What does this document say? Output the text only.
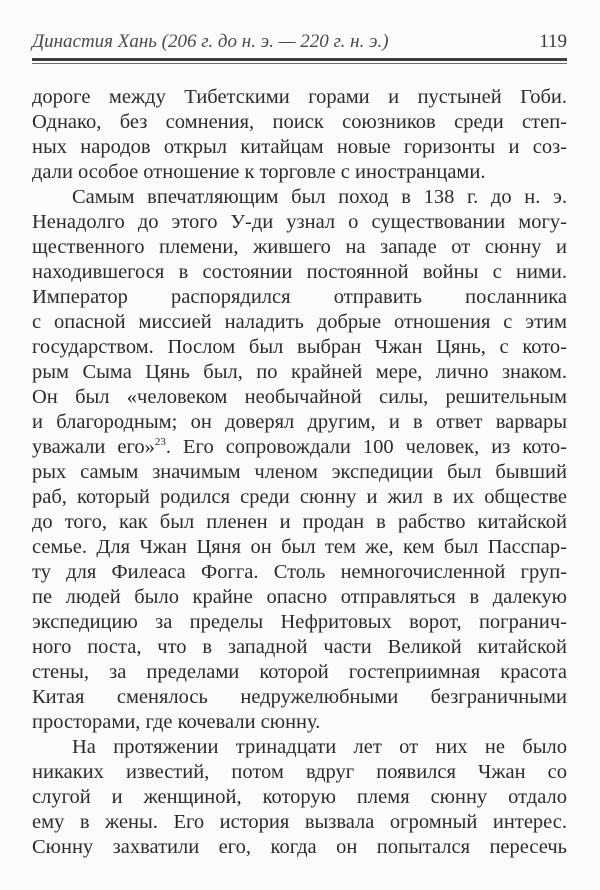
Династия Хань (206 г. до н. э. — 220 г. н. э.)	119
дороге между Тибетскими горами и пустыней Гоби.
Однако, без сомнения, поиск союзников среди степ-
ных народов открыл китайцам новые горизонты и соз-
дали особое отношение к торговле с иностранцами.
Самым впечатляющим был поход в 138 г. до н. э.
Ненадолго до этого У-ди узнал о существовании могу-
щественного племени, жившего на западе от сюнну и
находившегося в состоянии постоянной войны с ними.
Император распорядился отправить посланника
с опасной миссией наладить добрые отношения с этим
государством. Послом был выбран Чжан Цянь, с кото-
рым Сыма Цянь был, по крайней мере, лично знаком.
Он был «человеком необычайной силы, решительным
и благородным; он доверял другим, и в ответ варвары
уважали его»$^{23}$. Его сопровождали 100 человек, из кото-
рых самым значимым членом экспедиции был бывший
раб, который родился среди сюнну и жил в их обществе
до того, как был пленен и продан в рабство китайской
семье. Для Чжан Цяня он был тем же, кем был Пасспар-
ту для Филеаса Фогга. Столь немногочисленной груп-
пе людей было крайне опасно отправляться в далекую
экспедицию за пределы Нефритовых ворот, погранич-
ного поста, что в западной части Великой китайской
стены, за пределами которой гостеприимная красота
Китая сменялось недружелюбными безграничными
просторами, где кочевали сюнну.
На протяжении тринадцати лет от них не было
никаких известий, потом вдруг появился Чжан со
слугой и женщиной, которую племя сюнну отдало
ему в жены. Его история вызвала огромный интерес.
Сюнну захватили его, когда он попытался пересечь
